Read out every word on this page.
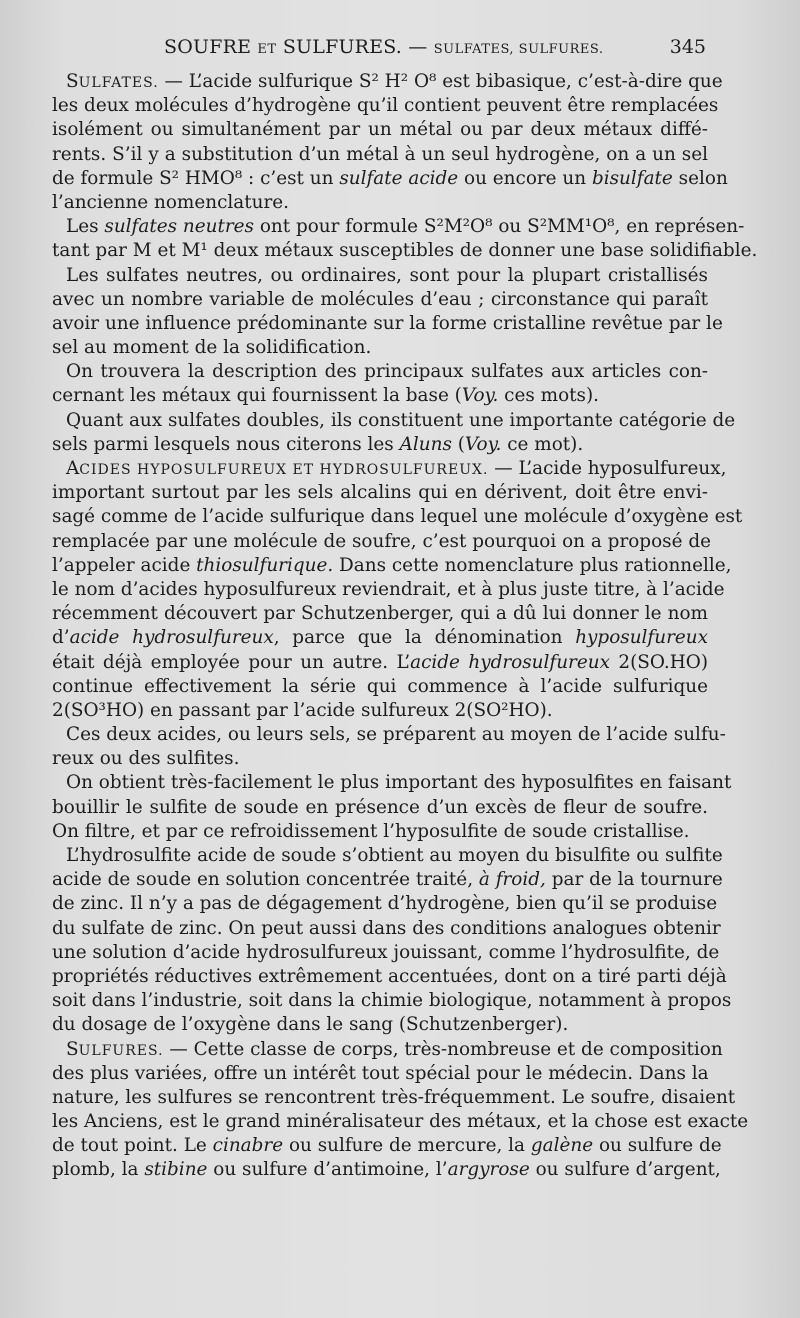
SOUFRE ET SULFURES. — SULFATES, SULFURES.	345
SULFATES. — L’acide sulfurique S² H² O⁸ est bibasique, c’est-à-dire que
les deux molécules d’hydrogène qu’il contient peuvent être remplacées
isolément ou simultanément par un métal ou par deux métaux diffé-
rents. S’il y a substitution d’un métal à un seul hydrogène, on a un sel
de formule S² HMO⁸ : c’est un sulfate acide ou encore un bisulfate selon
l’ancienne nomenclature.
Les sulfates neutres ont pour formule S²M²O⁸ ou S²MM¹O⁸, en représen-
tant par M et M¹ deux métaux susceptibles de donner une base solidifiable.
Les sulfates neutres, ou ordinaires, sont pour la plupart cristallisés
avec un nombre variable de molécules d’eau ; circonstance qui paraît
avoir une influence prédominante sur la forme cristalline revêtue par le
sel au moment de la solidification.
On trouvera la description des principaux sulfates aux articles con-
cernant les métaux qui fournissent la base (Voy. ces mots).
Quant aux sulfates doubles, ils constituent une importante catégorie de
sels parmi lesquels nous citerons les Aluns (Voy. ce mot).
ACIDES HYPOSULFUREUX ET HYDROSULFUREUX. — L’acide hyposulfureux,
important surtout par les sels alcalins qui en dérivent, doit être envi-
sagé comme de l’acide sulfurique dans lequel une molécule d’oxygène est
remplacée par une molécule de soufre, c’est pourquoi on a proposé de
l’appeler acide thiosulfurique. Dans cette nomenclature plus rationnelle,
le nom d’acides hyposulfureux reviendrait, et à plus juste titre, à l’acide
récemment découvert par Schutzenberger, qui a dû lui donner le nom
d’acide hydrosulfureux, parce que la dénomination hyposulfureux
était déjà employée pour un autre. L’acide hydrosulfureux 2(SO.HO)
continue effectivement la série qui commence à l’acide sulfurique
2(SO³HO) en passant par l’acide sulfureux 2(SO²HO).
Ces deux acides, ou leurs sels, se préparent au moyen de l’acide sulfu-
reux ou des sulfites.
On obtient très-facilement le plus important des hyposulfites en faisant
bouillir le sulfite de soude en présence d’un excès de fleur de soufre.
On filtre, et par ce refroidissement l’hyposulfite de soude cristallise.
L’hydrosulfite acide de soude s’obtient au moyen du bisulfite ou sulfite
acide de soude en solution concentrée traité, à froid, par de la tournure
de zinc. Il n’y a pas de dégagement d’hydrogène, bien qu’il se produise
du sulfate de zinc. On peut aussi dans des conditions analogues obtenir
une solution d’acide hydrosulfureux jouissant, comme l’hydrosulfite, de
propriétés réductives extrêmement accentuées, dont on a tiré parti déjà
soit dans l’industrie, soit dans la chimie biologique, notamment à propos
du dosage de l’oxygène dans le sang (Schutzenberger).
SULFURES. — Cette classe de corps, très-nombreuse et de composition
des plus variées, offre un intérêt tout spécial pour le médecin. Dans la
nature, les sulfures se rencontrent très-fréquemment. Le soufre, disaient
les Anciens, est le grand minéralisateur des métaux, et la chose est exacte
de tout point. Le cinabre ou sulfure de mercure, la galène ou sulfure de
plomb, la stibine ou sulfure d’antimoine, l’argyrose ou sulfure d’argent,
